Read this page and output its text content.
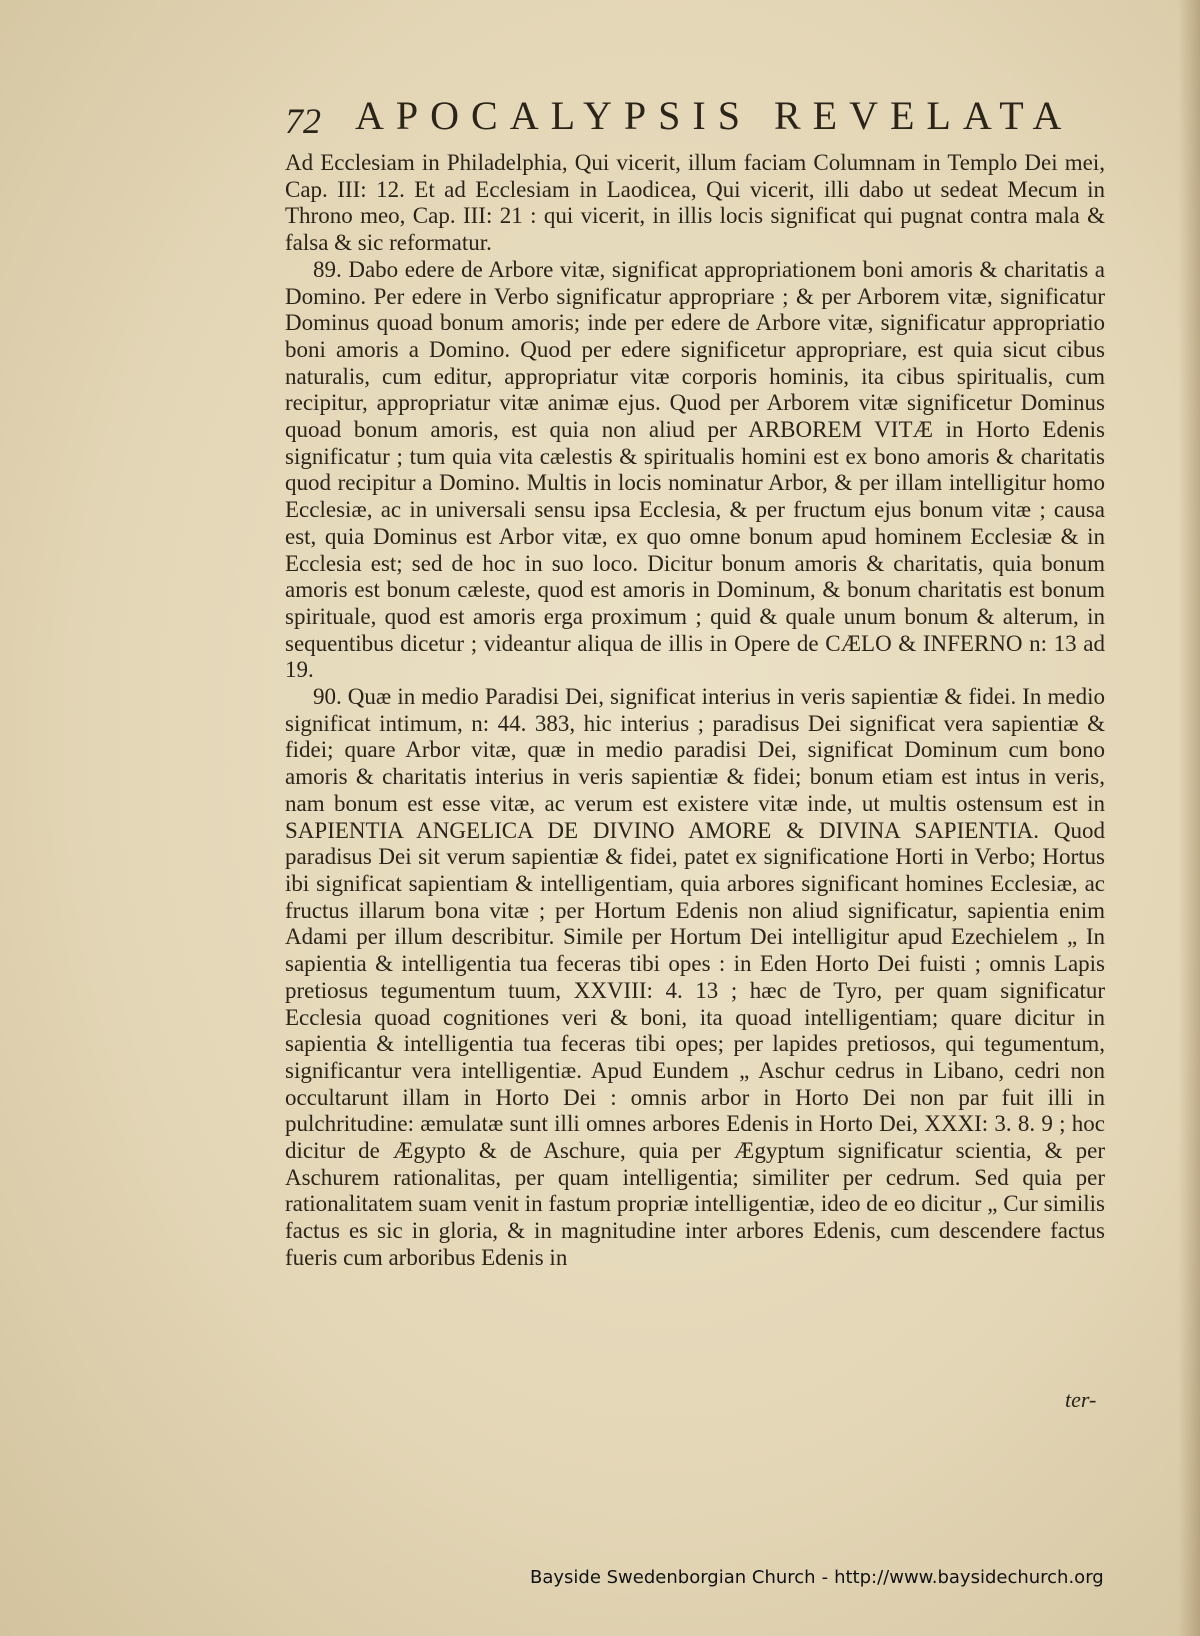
72 APOCALYPSIS REVELATA

Ad Ecclesiam in Philadelphia, Qui vicerit, illum faciam Columnam in Templo Dei mei, Cap. III: 12. Et ad Ecclesiam in Laodicea, Qui vicerit, illi dabo ut sedeat Mecum in Throno meo, Cap. III: 21 : qui vicerit, in illis locis significat qui pugnat contra mala & falsa & sic reformatur.

89. Dabo edere de Arbore vitæ, significat appropriationem boni amoris & charitatis a Domino. Per edere in Verbo significatur appropriare ; & per Arborem vitæ, significatur Dominus quoad bonum amoris; inde per edere de Arbore vitæ, significatur appropriatio boni amoris a Domino. Quod per edere significetur appropriare, est quia sicut cibus naturalis, cum editur, appropriatur vitæ corporis hominis, ita cibus spiritualis, cum recipitur, appropriatur vitæ animæ ejus. Quod per Arborem vitæ significetur Dominus quoad bonum amoris, est quia non aliud per ARBOREM VITÆ in Horto Edenis significatur ; tum quia vita cælestis & spiritualis homini est ex bono amoris & charitatis quod recipitur a Domino. Multis in locis nominatur Arbor, & per illam intelligitur homo Ecclesiæ, ac in universali sensu ipsa Ecclesia, & per fructum ejus bonum vitæ ; causa est, quia Dominus est Arbor vitæ, ex quo omne bonum apud hominem Ecclesiæ & in Ecclesia est; sed de hoc in suo loco. Dicitur bonum amoris & charitatis, quia bonum amoris est bonum cæleste, quod est amoris in Dominum, & bonum charitatis est bonum spirituale, quod est amoris erga proximum ; quid & quale unum bonum & alterum, in sequentibus dicetur ; videantur aliqua de illis in Opere de CÆLO & INFERNO n: 13 ad 19.

90. Quæ in medio Paradisi Dei, significat interius in veris sapientiæ & fidei. In medio significat intimum, n: 44. 383, hic interius ; paradisus Dei significat vera sapientiæ & fidei; quare Arbor vitæ, quæ in medio paradisi Dei, significat Dominum cum bono amoris & charitatis interius in veris sapientiæ & fidei; bonum etiam est intus in veris, nam bonum est esse vitæ, ac verum est existere vitæ inde, ut multis ostensum est in SAPIENTIA ANGELICA DE DIVINO AMORE & DIVINA SAPIENTIA. Quod paradisus Dei sit verum sapientiæ & fidei, patet ex significatione Horti in Verbo; Hortus ibi significat sapientiam & intelligentiam, quia arbores significant homines Ecclesiæ, ac fructus illarum bona vitæ ; per Hortum Edenis non aliud significatur, sapientia enim Adami per illum describitur. Simile per Hortum Dei intelligitur apud Ezechielem „ In sapientia & intelligentia tua feceras tibi opes : in Eden Horto Dei fuisti ; omnis Lapis pretiosus tegumentum tuum, XXVIII: 4. 13 ; hæc de Tyro, per quam significatur Ecclesia quoad cognitiones veri & boni, ita quoad intelligentiam; quare dicitur in sapientia & intelligentia tua feceras tibi opes; per lapides pretiosos, qui tegumentum, significantur vera intelligentiæ. Apud Eundem „ Aschur cedrus in Libano, cedri non occultarunt illam in Horto Dei : omnis arbor in Horto Dei non par fuit illi in pulchritudine: æmulatæ sunt illi omnes arbores Edenis in Horto Dei, XXXI: 3. 8. 9 ; hoc dicitur de Ægypto & de Aschure, quia per Ægyptum significatur scientia, & per Aschurem rationalitas, per quam intelligentia; similiter per cedrum. Sed quia per rationalitatem suam venit in fastum propriæ intelligentiæ, ideo de eo dicitur „ Cur similis factus es sic in gloria, & in magnitudine inter arbores Edenis, cum descendere factus fueris cum arboribus Edenis in

ter-
Bayside Swedenborgian Church - http://www.baysidechurch.org
